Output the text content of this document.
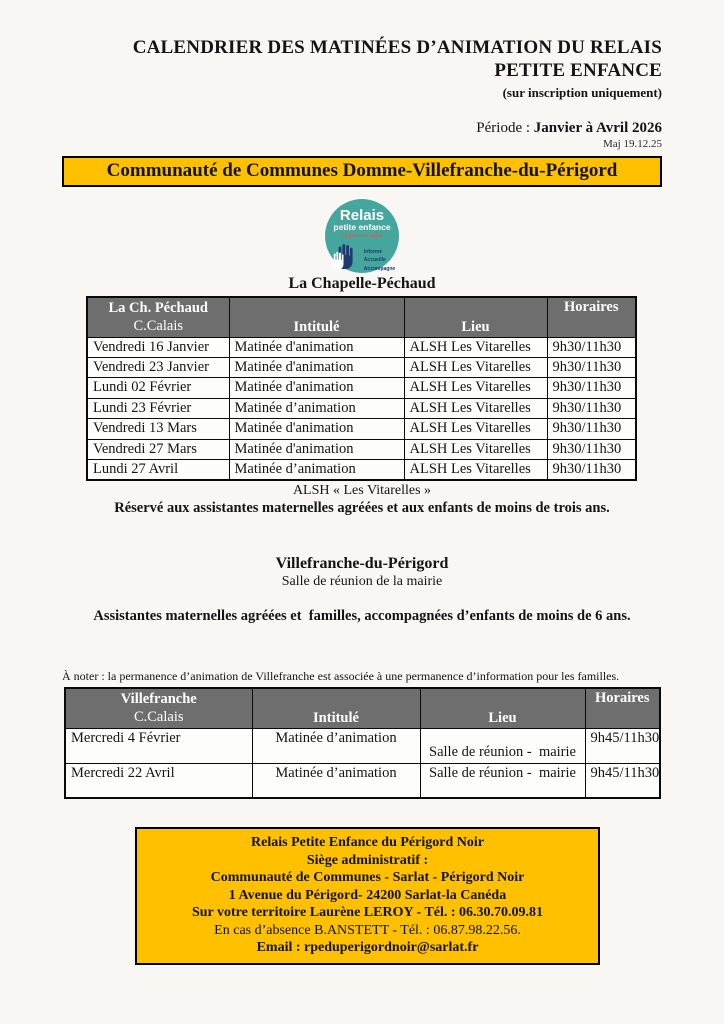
CALENDRIER DES MATINÉES D’ANIMATION DU RELAIS
PETITE ENFANCE
(sur inscription uniquement)
Période : Janvier à Avril 2026
Maj 19.12.25
Communauté de Communes Domme-Villefranche-du-Périgord
Relais
petite enfance
PÉRIGORD NOIR
Informe
Accueille
Accompagne
La Chapelle-Péchaud
La Ch. Péchaud
C.Calais	Intitulé	Lieu	Horaires
Vendredi 16 Janvier	Matinée d'animation	ALSH Les Vitarelles	9h30/11h30
Vendredi 23 Janvier	Matinée d'animation	ALSH Les Vitarelles	9h30/11h30
Lundi 02 Février	Matinée d'animation	ALSH Les Vitarelles	9h30/11h30
Lundi 23 Février	Matinée d’animation	ALSH Les Vitarelles	9h30/11h30
Vendredi 13 Mars	Matinée d'animation	ALSH Les Vitarelles	9h30/11h30
Vendredi 27 Mars	Matinée d'animation	ALSH Les Vitarelles	9h30/11h30
Lundi 27 Avril	Matinée d’animation	ALSH Les Vitarelles	9h30/11h30

ALSH « Les Vitarelles »

Réservé aux assistantes maternelles agréées et aux enfants de moins de trois ans.

Villefranche-du-Périgord

Salle de réunion de la mairie

Assistantes maternelles agréées et  familles, accompagnées d’enfants de moins de 6 ans.

À noter : la permanence d’animation de Villefranche est associée à une permanence d’information pour les familles.

Villefranche
C.Calais	Intitulé	Lieu	Horaires
Mercredi 4 Février	Matinée d’animation	Salle de réunion -  mairie	9h45/11h30
Mercredi 22 Avril	Matinée d’animation	Salle de réunion -  mairie	9h45/11h30

Relais Petite Enfance du Périgord Noir

Siège administratif :

Communauté de Communes - Sarlat - Périgord Noir

1 Avenue du Périgord- 24200 Sarlat-la Canéda

Sur votre territoire Laurène LEROY - Tél. : 06.30.70.09.81

En cas d’absence B.ANSTETT - Tél. : 06.87.98.22.56.

Email : rpeduperigordnoir@sarlat.fr
